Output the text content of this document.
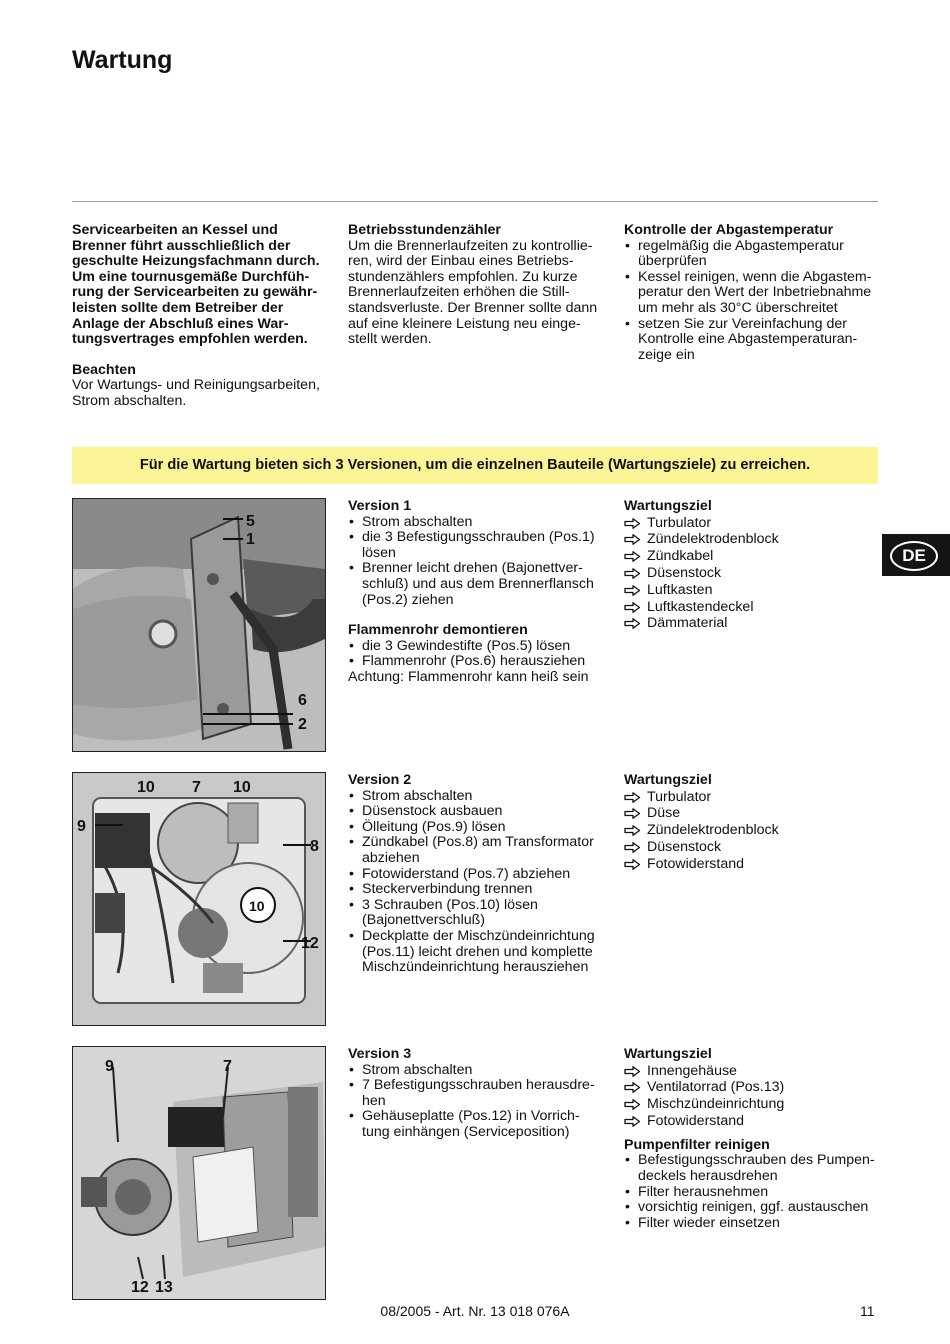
Wartung

Servicearbeiten an Kessel und
Brenner führt ausschließlich der
geschulte Heizungsfachmann durch.
Um eine tournusgemäße Durchfüh-
rung der Servicearbeiten zu gewähr-
leisten sollte dem Betreiber der
Anlage der Abschluß eines War-
tungsvertrages empfohlen werden.

Beachten

Vor Wartungs- und Reinigungsarbeiten,
Strom abschalten.

Betriebsstundenzähler

Um die Brennerlaufzeiten zu kontrollie-
ren, wird der Einbau eines Betriebs-
stundenzählers empfohlen. Zu kurze
Brennerlaufzeiten erhöhen die Still-
standsverluste. Der Brenner sollte dann
auf eine kleinere Leistung neu einge-
stellt werden.

Kontrolle der Abgastemperatur

• regelmäßig die Abgastemperatur
überprüfen
• Kessel reinigen, wenn die Abgastem-
peratur den Wert der Inbetriebnahme
um mehr als 30°C überschreitet
• setzen Sie zur Vereinfachung der
Kontrolle eine Abgastemperaturan-
zeige ein
Für die Wartung bieten sich 3 Versionen, um die einzelnen Bauteile (Wartungsziele) zu erreichen.
5
1
6
2

Version 1

• Strom abschalten
• die 3 Befestigungsschrauben (Pos.1)
lösen
• Brenner leicht drehen (Bajonettver-
schluß) und aus dem Brennerflansch
(Pos.2) ziehen

Flammenrohr demontieren

• die 3 Gewindestifte (Pos.5) lösen
• Flammenrohr (Pos.6) herausziehen

Achtung: Flammenrohr kann heiß sein

Wartungsziel

Turbulator
Zündelektrodenblock
Zündkabel
Düsenstock
Luftkasten
Luftkastendeckel
Dämmaterial
10 7 10
9
8
10
12

Version 2

• Strom abschalten
• Düsenstock ausbauen
• Ölleitung (Pos.9) lösen
• Zündkabel (Pos.8) am Transformator
abziehen
• Fotowiderstand (Pos.7) abziehen
• Steckerverbindung trennen
• 3 Schrauben (Pos.10) lösen
(Bajonettverschluß)
• Deckplatte der Mischzündeinrichtung
(Pos.11) leicht drehen und komplette
Mischzündeinrichtung herausziehen

Wartungsziel

Turbulator
Düse
Zündelektrodenblock
Düsenstock
Fotowiderstand
9	7
12 13

Version 3

• Strom abschalten
• 7 Befestigungsschrauben herausdre-
hen
• Gehäuseplatte (Pos.12) in Vorrich-
tung einhängen (Serviceposition)

Wartungsziel

Innengehäuse
Ventilatorrad (Pos.13)
Mischzündeinrichtung
Fotowiderstand

Pumpenfilter reinigen

• Befestigungsschrauben des Pumpen-
deckels herausdrehen
• Filter herausnehmen
• vorsichtig reinigen, ggf. austauschen
• Filter wieder einsetzen
DE
08/2005 - Art. Nr. 13 018 076A	11
